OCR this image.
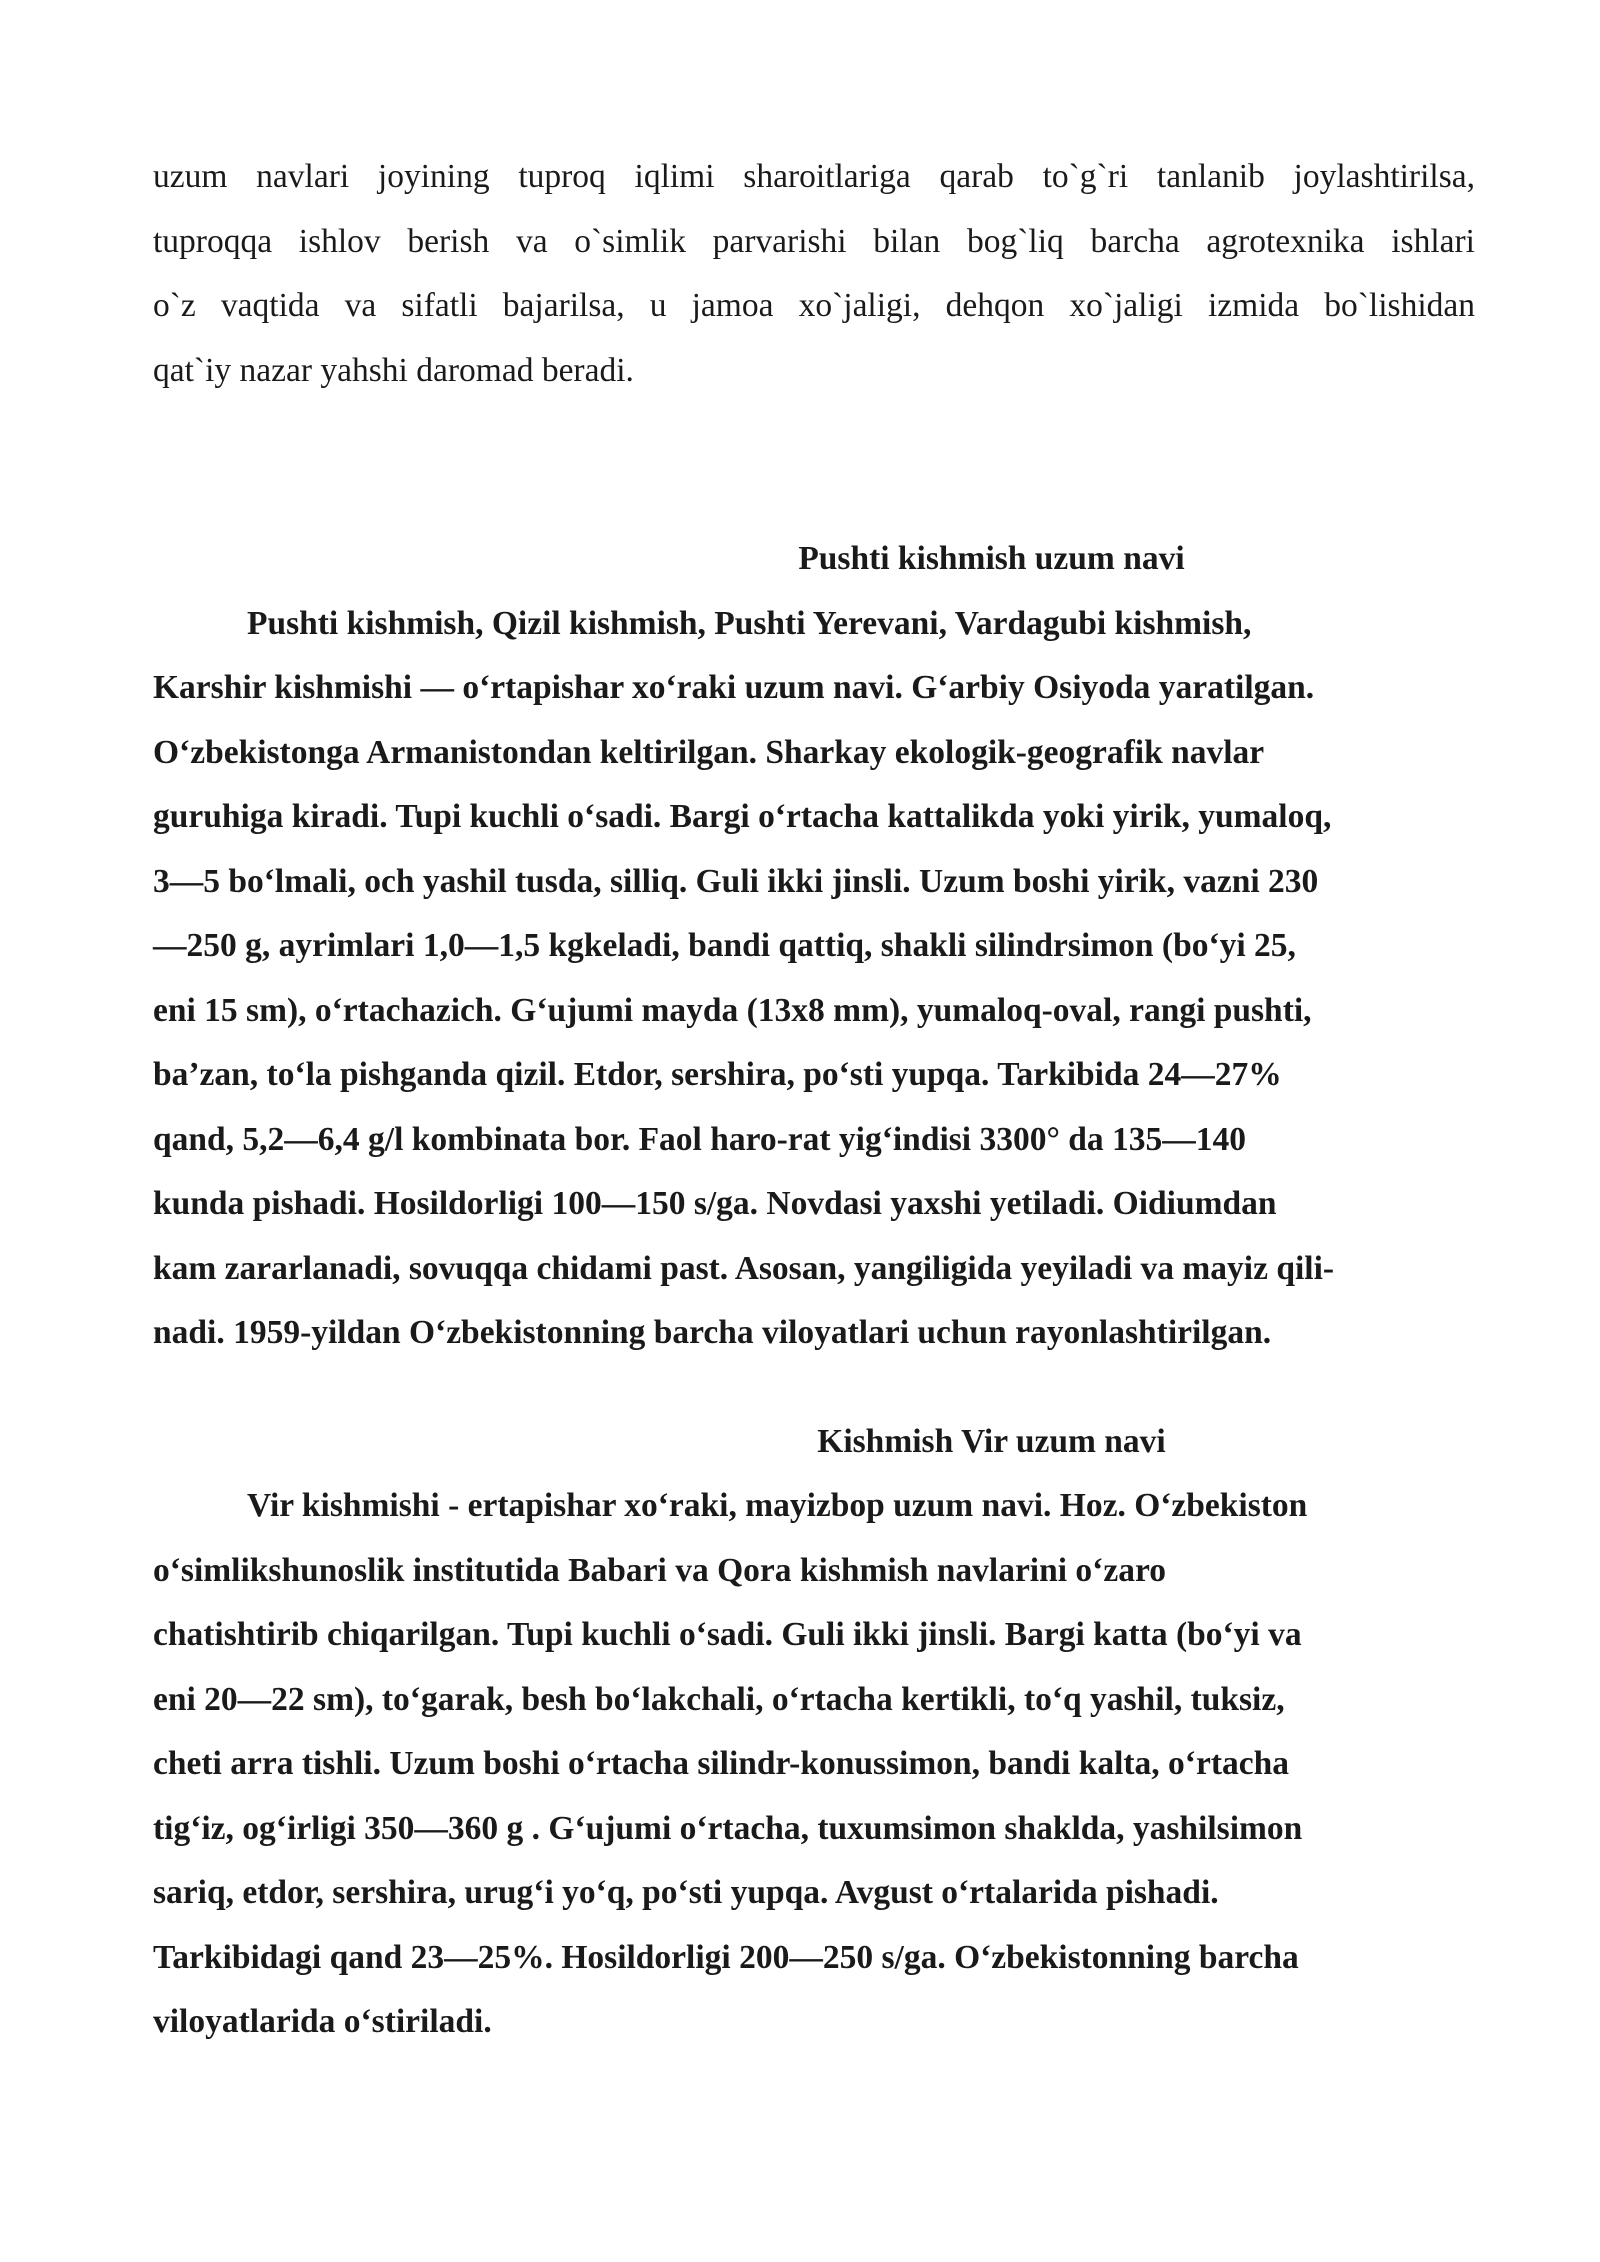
uzum navlari joyining tuproq iqlimi sharoitlariga qarab to`g`ri tanlanib joylashtirilsa,
tuproqqa ishlov berish va o`simlik parvarishi bilan bog`liq barcha agrotexnika ishlari
o`z vaqtida va sifatli bajarilsa, u jamoa xo`jaligi, dehqon xo`jaligi izmida bo`lishidan
qat`iy nazar yahshi daromad beradi.
Pushti kishmish uzum navi
Pushti kishmish, Qizil kishmish, Pushti Yerevani, Vardagubi kishmish,
Karshir kishmishi — o‘rtapishar xo‘raki uzum navi. G‘arbiy Osiyoda yaratilgan.
O‘zbekistonga Armanistondan keltirilgan. Sharkay ekologik-geografik navlar
guruhiga kiradi. Tupi kuchli o‘sadi. Bargi o‘rtacha kattalikda yoki yirik, yumaloq,
3—5 bo‘lmali, och yashil tusda, silliq. Guli ikki jinsli. Uzum boshi yirik, vazni 230
—250 g, ayrimlari 1,0—1,5 kgkeladi, bandi qattiq, shakli silindrsimon (bo‘yi 25,
eni 15 sm), o‘rtachazich. G‘ujumi mayda (13x8 mm), yumaloq-oval, rangi pushti,
ba’zan, to‘la pishganda qizil. Etdor, sershira, po‘sti yupqa. Tarkibida 24—27%
qand, 5,2—6,4 g/l kombinata bor. Faol haro-rat yig‘indisi 3300° da 135—140
kunda pishadi. Hosildorligi 100—150 s/ga. Novdasi yaxshi yetiladi. Oidiumdan
kam zararlanadi, sovuqqa chidami past. Asosan, yangiligida yeyiladi va mayiz qili-
nadi. 1959-yildan O‘zbekistonning barcha viloyatlari uchun rayonlashtirilgan.
Kishmish Vir uzum navi
Vir kishmishi - ertapishar xo‘raki, mayizbop uzum navi. Hoz. O‘zbekiston
o‘simlikshunoslik institutida Babari va Qora kishmish navlarini o‘zaro
chatishtirib chiqarilgan. Tupi kuchli o‘sadi. Guli ikki jinsli. Bargi katta (bo‘yi va
eni 20—22 sm), to‘garak, besh bo‘lakchali, o‘rtacha kertikli, to‘q yashil, tuksiz,
cheti arra tishli. Uzum boshi o‘rtacha silindr-konussimon, bandi kalta, o‘rtacha
tig‘iz, og‘irligi 350—360 g . G‘ujumi o‘rtacha, tuxumsimon shaklda, yashilsimon
sariq, etdor, sershira, urug‘i yo‘q, po‘sti yupqa. Avgust o‘rtalarida pishadi.
Tarkibidagi qand 23—25%. Hosildorligi 200—250 s/ga. O‘zbekistonning barcha
viloyatlarida o‘stiriladi.
